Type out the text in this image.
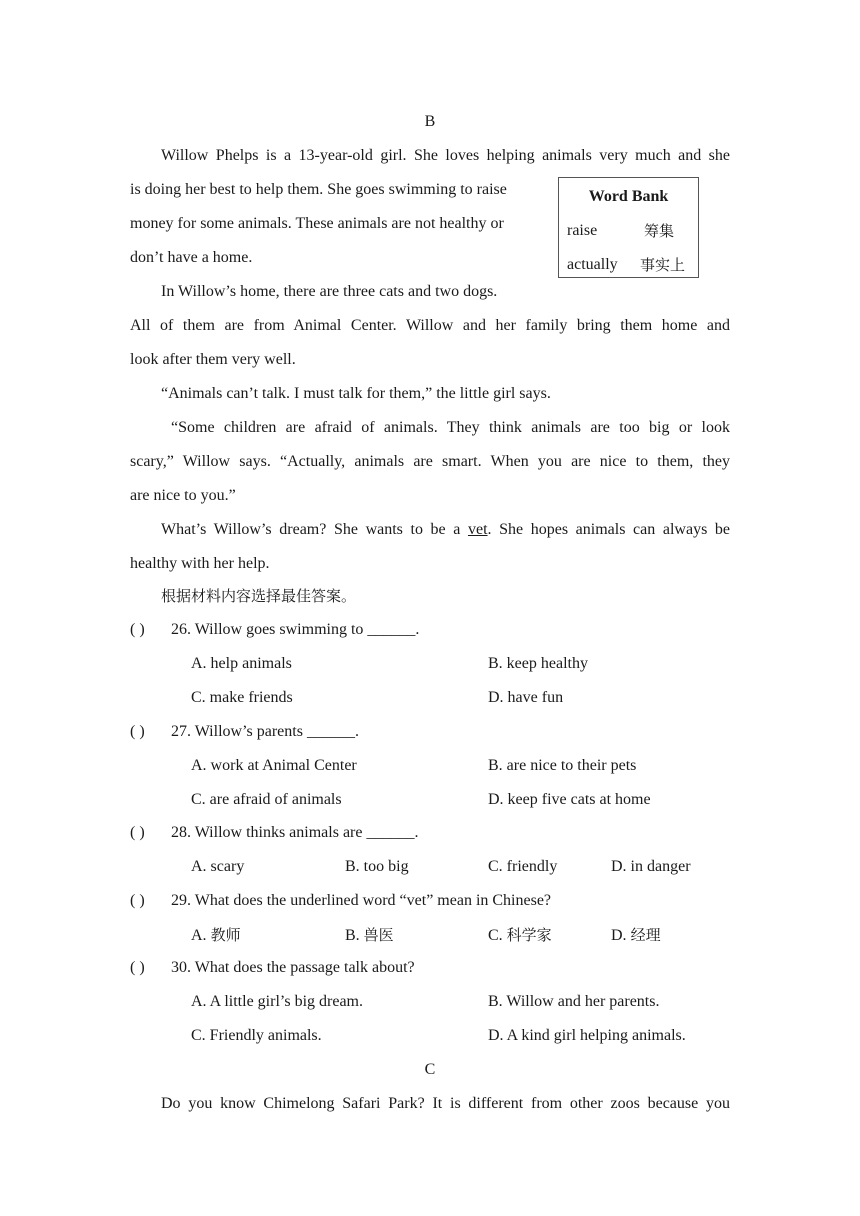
B
Willow Phelps is a 13-year-old girl. She loves helping animals very much and she
is doing her best to help them. She goes swimming to raise
money for some animals. These animals are not healthy or
don’t have a home.
In Willow’s home, there are three cats and two dogs.
All of them are from Animal Center. Willow and her family bring them home and
look after them very well.
“Animals can’t talk. I must talk for them,” the little girl says.
“Some children are afraid of animals. They think animals are too big or look
scary,” Willow says. “Actually, animals are smart. When you are nice to them, they
are nice to you.”
What’s Willow’s dream? She wants to be a vet. She hopes animals can always be
healthy with her help.
Word Bank
raise	筹集
actually 事实上
根据材料内容选择最佳答案。
( ) 26. Willow goes swimming to ______.
A. help animals	B. keep healthy
C. make friends	D. have fun
( ) 27. Willow’s parents ______.
A. work at Animal Center	B. are nice to their pets
C. are afraid of animals	D. keep five cats at home
( ) 28. Willow thinks animals are ______.
A. scary	B. too big	C. friendly	D. in danger
( ) 29. What does the underlined word “vet” mean in Chinese?
A. 教师	B. 兽医	C. 科学家	D. 经理
( ) 30. What does the passage talk about?
A. A little girl’s big dream.	B. Willow and her parents.
C. Friendly animals.	D. A kind girl helping animals.
C
Do you know Chimelong Safari Park? It is different from other zoos because you
